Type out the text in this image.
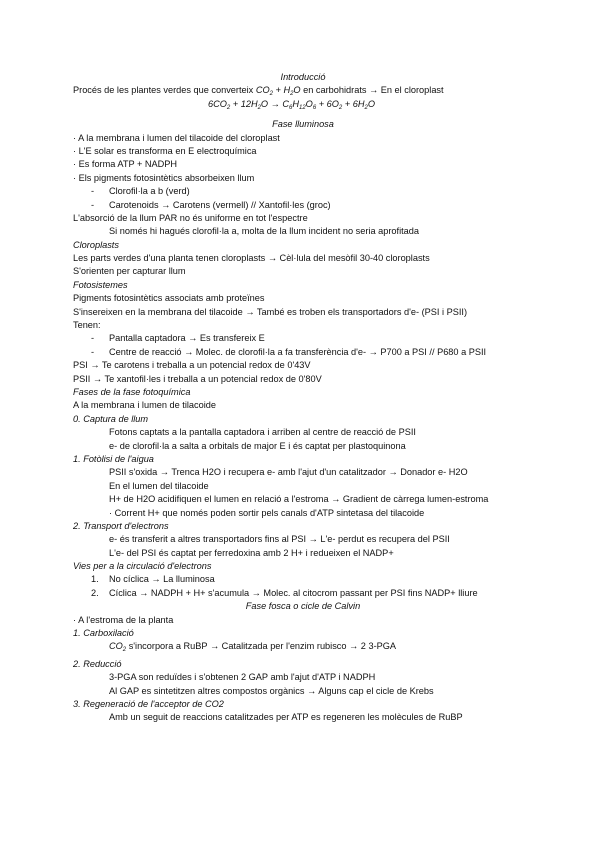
Introducció
Procés de les plantes verdes que converteix $CO_2 + H_2O$ en carbohidrats → En el cloroplast
$6CO_2 + 12H_2O \to C_6H_{12}O_6 + 6O_2 + 6H_2O$
Fase lluminosa
· A la membrana i lumen del tilacoide del cloroplast
· L'E solar es transforma en E electroquímica
· Es forma ATP + NADPH
· Els pigments fotosintètics absorbeixen llum
- Clorofil·la a b (verd)
- Carotenoids → Carotens (vermell) // Xantofil·les (groc)
L'absorció de la llum PAR no és uniforme en tot l'espectre
Si només hi hagués clorofil·la a, molta de la llum incident no seria aprofitada
Cloroplasts
Les parts verdes d'una planta tenen cloroplasts → Cèl·lula del mesòfil 30-40 cloroplasts
S'orienten per capturar llum
Fotosistemes
Pigments fotosintètics associats amb proteïnes
S'insereixen en la membrana del tilacoide → També es troben els transportadors d'e- (PSI i PSII)
Tenen:
- Pantalla captadora → Es transfereix E
- Centre de reacció → Molec. de clorofil·la a fa transferència d'e- → P700 a PSI // P680 a PSII
PSI → Te carotens i treballa a un potencial redox de 0'43V
PSII → Te xantofil·les i treballa a un potencial redox de 0'80V
Fases de la fase fotoquímica
A la membrana i lumen de tilacoide
0. Captura de llum
Fotons captats a la pantalla captadora i arriben al centre de reacció de PSII
e- de clorofil·la a salta a orbitals de major E i és captat per plastoquinona
1. Fotòlisi de l'aigua
PSII s'oxida → Trenca H2O i recupera e- amb l'ajut d'un catalitzador → Donador e- H2O
En el lumen del tilacoide
H+ de H2O acidifiquen el lumen en relació a l'estroma → Gradient de càrrega lumen-estroma
· Corrent H+ que només poden sortir pels canals d'ATP sintetasa del tilacoide
2. Transport d'electrons
e- és transferit a altres transportadors fins al PSI → L'e- perdut es recupera del PSII
L'e- del PSI és captat per ferredoxina amb 2 H+ i redueixen el NADP+
Vies per a la circulació d'electrons
1. No cíclica → La lluminosa
2. Cíclica → NADPH + H+ s'acumula → Molec. al citocrom passant per PSI fins NADP+ lliure
Fase fosca o cicle de Calvin
· A l'estroma de la planta
1. Carboxilació
$CO_2$ s'incorpora a RuBP → Catalitzada per l'enzim rubisco → 2 3-PGA
2. Reducció
3-PGA son reduïdes i s'obtenen 2 GAP amb l'ajut d'ATP i NADPH
Al GAP es sintetitzen altres compostos orgànics → Alguns cap el cicle de Krebs
3. Regeneració de l'acceptor de CO2
Amb un seguit de reaccions catalitzades per ATP es regeneren les molècules de RuBP
